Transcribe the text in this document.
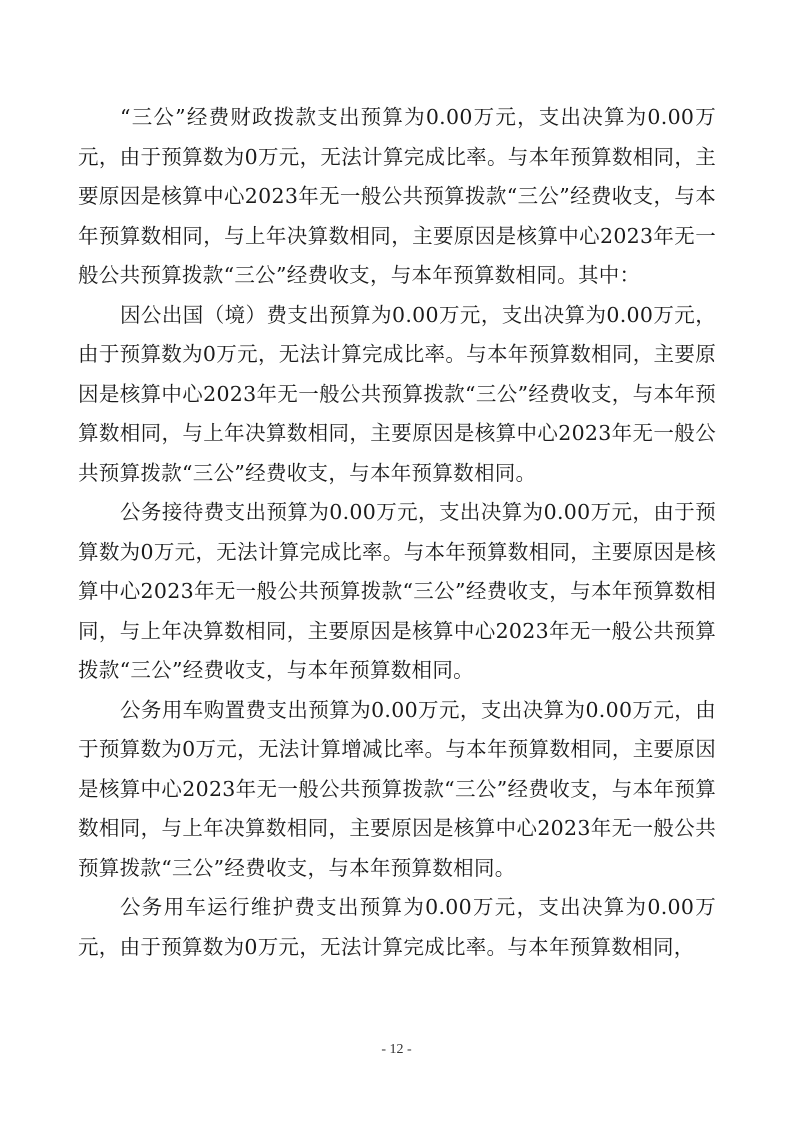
“三公”经费财政拨款支出预算为0.00万元，支出决算为0.00万元，由于预算数为0万元，无法计算完成比率。与本年预算数相同，主要原因是核算中心2023年无一般公共预算拨款“三公”经费收支，与本年预算数相同，与上年决算数相同，主要原因是核算中心2023年无一般公共预算拨款“三公”经费收支，与本年预算数相同。其中：

因公出国（境）费支出预算为0.00万元，支出决算为0.00万元，由于预算数为0万元，无法计算完成比率。与本年预算数相同，主要原因是核算中心2023年无一般公共预算拨款“三公”经费收支，与本年预算数相同，与上年决算数相同，主要原因是核算中心2023年无一般公共预算拨款“三公”经费收支，与本年预算数相同。

公务接待费支出预算为0.00万元，支出决算为0.00万元，由于预算数为0万元，无法计算完成比率。与本年预算数相同，主要原因是核算中心2023年无一般公共预算拨款“三公”经费收支，与本年预算数相同，与上年决算数相同，主要原因是核算中心2023年无一般公共预算拨款“三公”经费收支，与本年预算数相同。

公务用车购置费支出预算为0.00万元，支出决算为0.00万元，由于预算数为0万元，无法计算增减比率。与本年预算数相同，主要原因是核算中心2023年无一般公共预算拨款“三公”经费收支，与本年预算数相同，与上年决算数相同，主要原因是核算中心2023年无一般公共预算拨款“三公”经费收支，与本年预算数相同。

公务用车运行维护费支出预算为0.00万元，支出决算为0.00万元，由于预算数为0万元，无法计算完成比率。与本年预算数相同，

- 12 -
